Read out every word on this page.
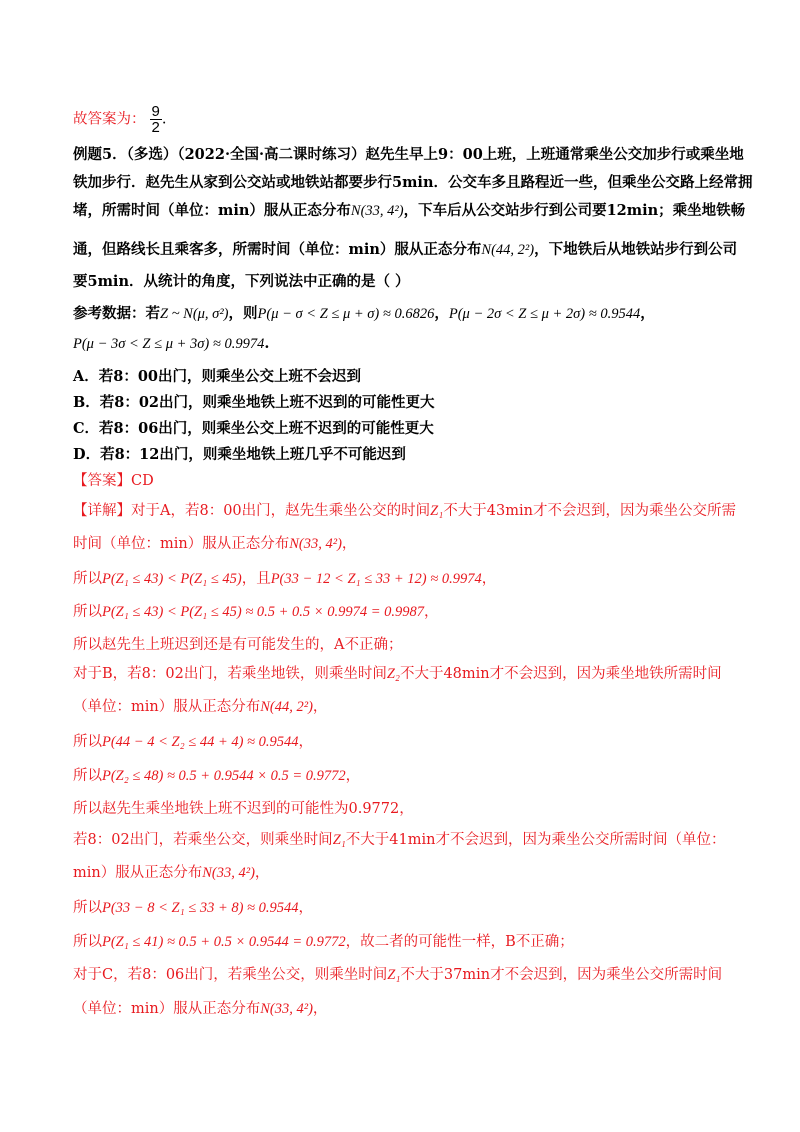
故答案为： $\frac{9}{2}$ .
例题5．（多选）（2022·全国·高二课时练习）赵先生早上9：00上班，上班通常乘坐公交加步行或乘坐地
铁加步行．赵先生从家到公交站或地铁站都要步行5min．公交车多且路程近一些，但乘坐公交路上经常拥
堵，所需时间（单位：min）服从正态分布N(33, 4²)，下车后从公交站步行到公司要12min；乘坐地铁畅
通，但路线长且乘客多，所需时间（单位：min）服从正态分布N(44, 2²)，下地铁后从地铁站步行到公司
要5min．从统计的角度，下列说法中正确的是（ ）
参考数据：若Z ~ N(μ, σ²)，则P(μ − σ < Z ≤ μ + σ) ≈ 0.6826，P(μ − 2σ < Z ≤ μ + 2σ) ≈ 0.9544，
P(μ − 3σ < Z ≤ μ + 3σ) ≈ 0.9974.
A．若8：00出门，则乘坐公交上班不会迟到
B．若8：02出门，则乘坐地铁上班不迟到的可能性更大
C．若8：06出门，则乘坐公交上班不迟到的可能性更大
D．若8：12出门，则乘坐地铁上班几乎不可能迟到
【答案】CD
【详解】对于A，若8：00出门，赵先生乘坐公交的时间Z₁不大于43min才不会迟到，因为乘坐公交所需
时间（单位：min）服从正态分布N(33, 4²)，
所以P(Z₁ ≤ 43) < P(Z₁ ≤ 45)，且P(33 − 12 < Z₁ ≤ 33 + 12) ≈ 0.9974，
所以P(Z₁ ≤ 43) < P(Z₁ ≤ 45) ≈ 0.5 + 0.5 × 0.9974 = 0.9987，
所以赵先生上班迟到还是有可能发生的，A不正确；
对于B，若8：02出门，若乘坐地铁，则乘坐时间Z₂不大于48min才不会迟到，因为乘坐地铁所需时间
（单位：min）服从正态分布N(44, 2²)，
所以P(44 − 4 < Z₂ ≤ 44 + 4) ≈ 0.9544，
所以P(Z₂ ≤ 48) ≈ 0.5 + 0.9544 × 0.5 = 0.9772，
所以赵先生乘坐地铁上班不迟到的可能性为0.9772，
若8：02出门，若乘坐公交，则乘坐时间Z₁不大于41min才不会迟到，因为乘坐公交所需时间（单位：
min）服从正态分布N(33, 4²)，
所以P(33 − 8 < Z₁ ≤ 33 + 8) ≈ 0.9544，
所以P(Z₁ ≤ 41) ≈ 0.5 + 0.5 × 0.9544 = 0.9772，故二者的可能性一样，B不正确；
对于C，若8：06出门，若乘坐公交，则乘坐时间Z₁不大于37min才不会迟到，因为乘坐公交所需时间
（单位：min）服从正态分布N(33, 4²)，
